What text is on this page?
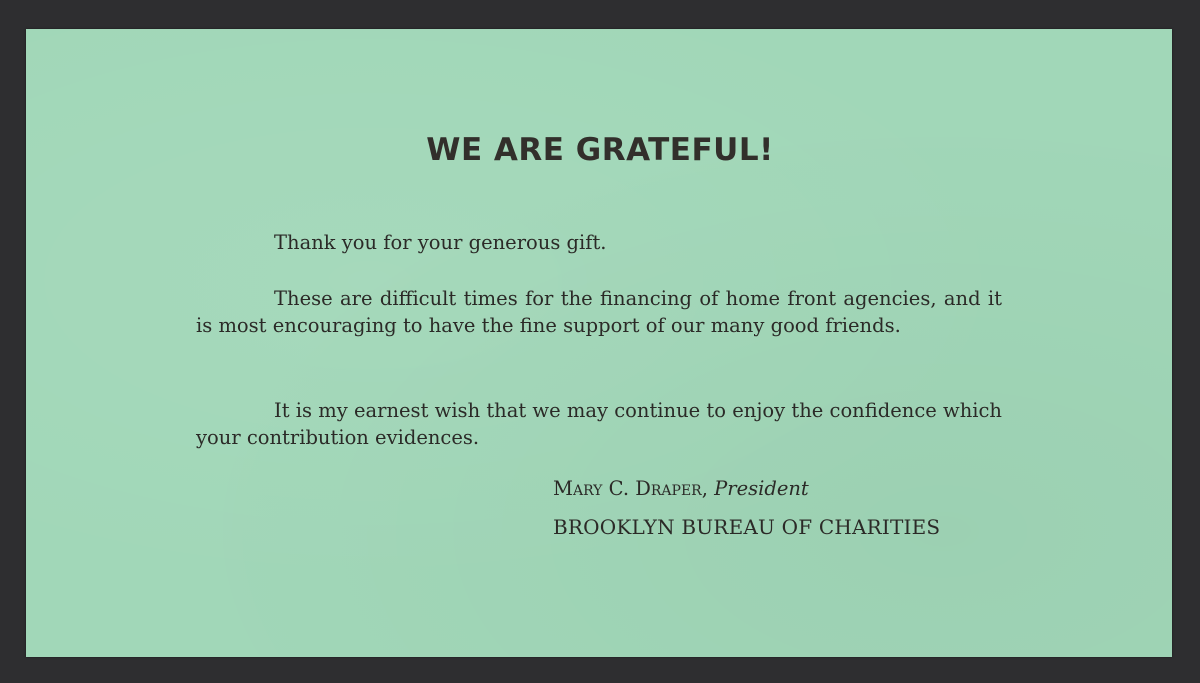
WE ARE GRATEFUL!
Thank you for your generous gift.
These are difficult times for the financing of home front agencies, and it is most encouraging to have the fine support of our many good friends.
It is my earnest wish that we may continue to enjoy the confidence which your contribution evidences.
Mary C. Draper, President
BROOKLYN BUREAU OF CHARITIES
